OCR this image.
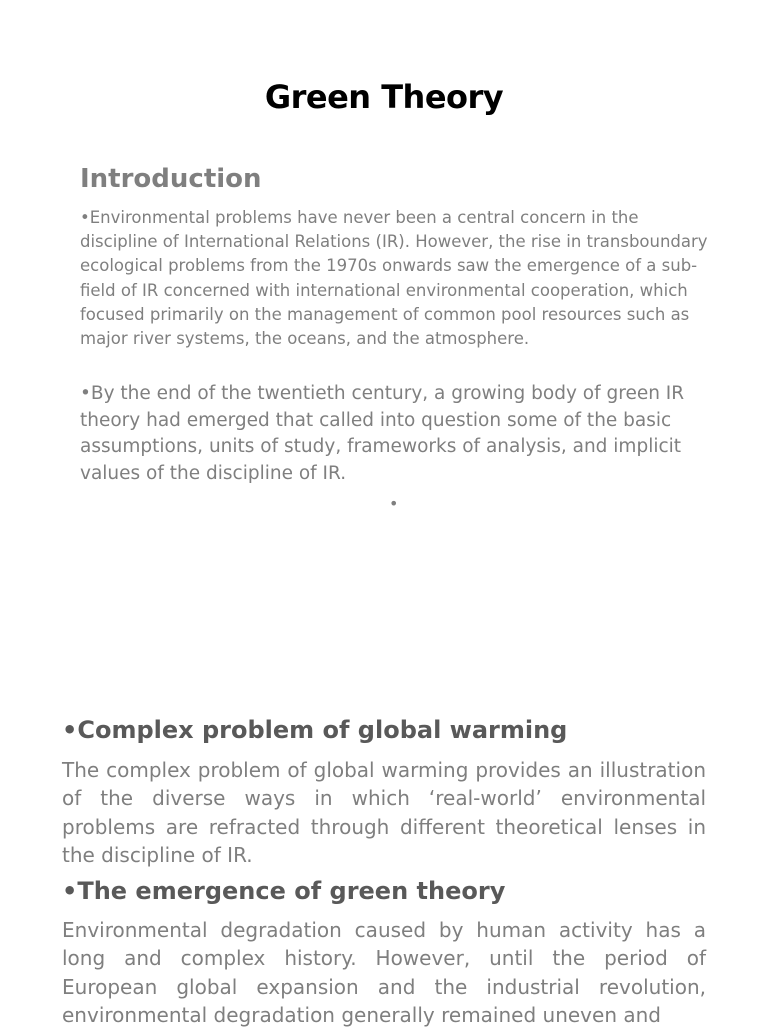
Green Theory
Introduction

•Environmental problems have never been a central concern in the discipline of International Relations (IR). However, the rise in transboundary ecological problems from the 1970s onwards saw the emergence of a sub-field of IR concerned with international environmental cooperation, which focused primarily on the management of common pool resources such as major river systems, the oceans, and the atmosphere.

•By the end of the twentieth century, a growing body of green IR theory had emerged that called into question some of the basic assumptions, units of study, frameworks of analysis, and implicit values of the discipline of IR.

•
•Complex problem of global warming

The complex problem of global warming provides an illustration of the diverse ways in which ‘real-world’ environmental problems are refracted through different theoretical lenses in the discipline of IR.

•The emergence of green theory

Environmental degradation caused by human activity has a long and complex history. However, until the period of European global expansion and the industrial revolution, environmental degradation generally remained uneven and
